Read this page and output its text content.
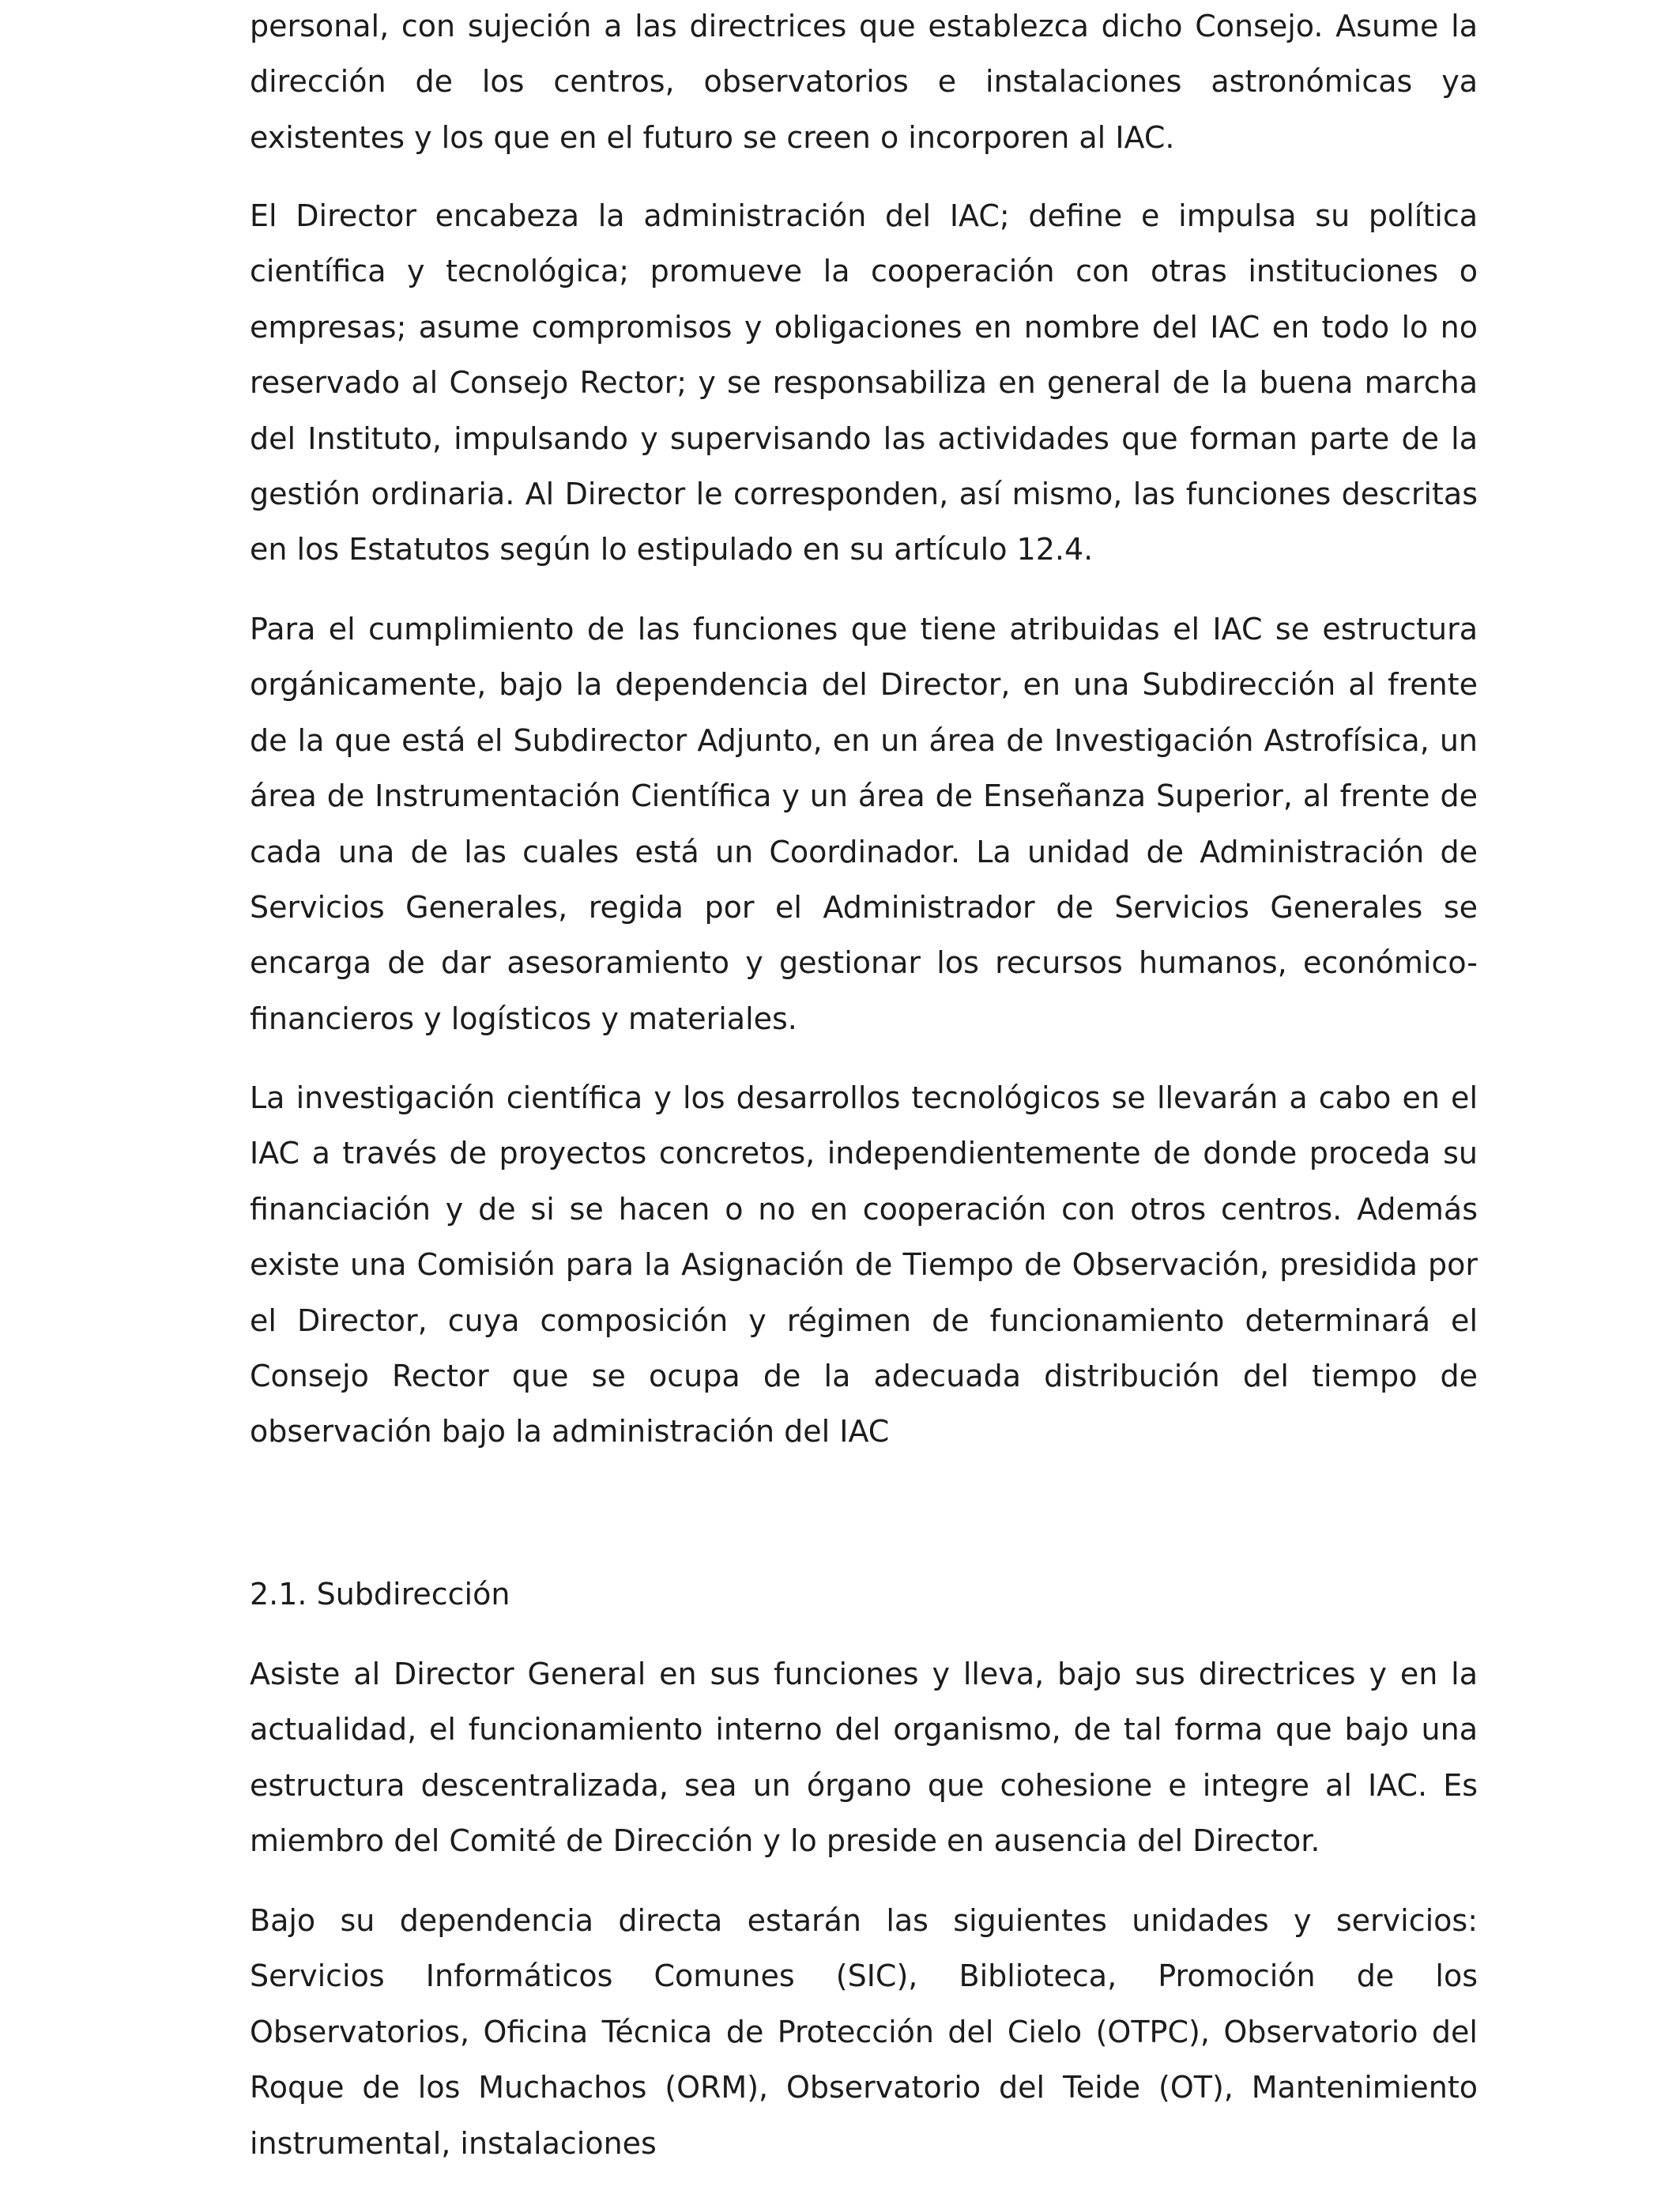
personal, con sujeción a las directrices que establezca dicho Consejo. Asume la dirección de los centros, observatorios e instalaciones astronómicas ya existentes y los que en el futuro se creen o incorporen al IAC.

El Director encabeza la administración del IAC; define e impulsa su política científica y tecnológica; promueve la cooperación con otras instituciones o empresas; asume compromisos y obligaciones en nombre del IAC en todo lo no reservado al Consejo Rector; y se responsabiliza en general de la buena marcha del Instituto, impulsando y supervisando las actividades que forman parte de la gestión ordinaria. Al Director le corresponden, así mismo, las funciones descritas en los Estatutos según lo estipulado en su artículo 12.4.

Para el cumplimiento de las funciones que tiene atribuidas el IAC se estructura orgánicamente, bajo la dependencia del Director, en una Subdirección al frente de la que está el Subdirector Adjunto, en un área de Investigación Astrofísica, un área de Instrumentación Científica y un área de Enseñanza Superior, al frente de cada una de las cuales está un Coordinador. La unidad de Administración de Servicios Generales, regida por el Administrador de Servicios Generales se encarga de dar asesoramiento y gestionar los recursos humanos, económico-financieros y logísticos y materiales.

La investigación científica y los desarrollos tecnológicos se llevarán a cabo en el IAC a través de proyectos concretos, independientemente de donde proceda su financiación y de si se hacen o no en cooperación con otros centros. Además existe una Comisión para la Asignación de Tiempo de Observación, presidida por el Director, cuya composición y régimen de funcionamiento determinará el Consejo Rector que se ocupa de la adecuada distribución del tiempo de observación bajo la administración del IAC

2.1. Subdirección

Asiste al Director General en sus funciones y lleva, bajo sus directrices y en la actualidad, el funcionamiento interno del organismo, de tal forma que bajo una estructura descentralizada, sea un órgano que cohesione e integre al IAC. Es miembro del Comité de Dirección y lo preside en ausencia del Director.

Bajo su dependencia directa estarán las siguientes unidades y servicios: Servicios Informáticos Comunes (SIC), Biblioteca, Promoción de los Observatorios, Oficina Técnica de Protección del Cielo (OTPC), Observatorio del Roque de los Muchachos (ORM), Observatorio del Teide (OT), Mantenimiento instrumental, instalaciones
